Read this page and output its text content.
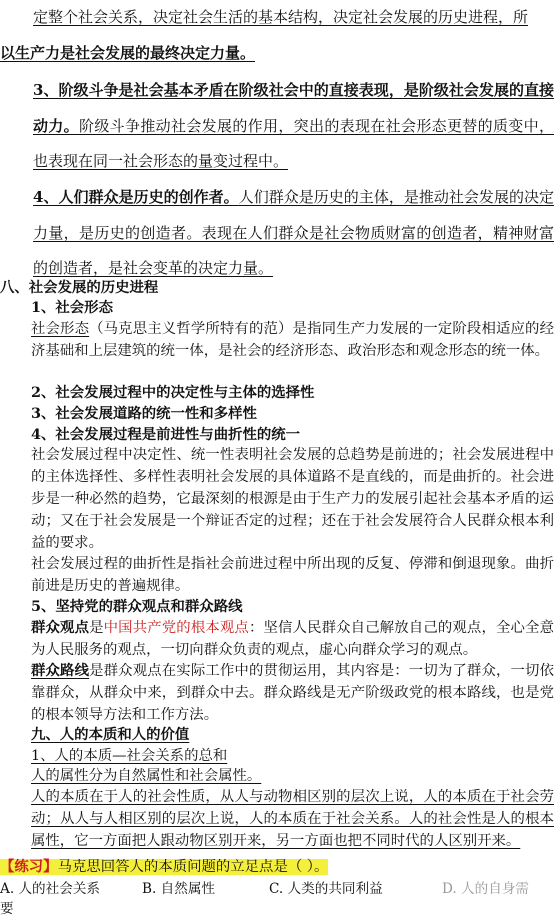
定整个社会关系，决定社会生活的基本结构，决定社会发展的历史进程，所

以生产力是社会发展的最终决定力量。

3、阶级斗争是社会基本矛盾在阶级社会中的直接表现，是阶级社会发展的直接动力。阶级斗争推动社会发展的作用，突出的表现在社会形态更替的质变中，也表现在同一社会形态的量变过程中。

4、人们群众是历史的创作者。人们群众是历史的主体，是推动社会发展的决定力量，是历史的创造者。表现在人们群众是社会物质财富的创造者，精神财富的创造者，是社会变革的决定力量。

八、社会发展的历史进程

1、社会形态

社会形态（马克思主义哲学所特有的范）是指同生产力发展的一定阶段相适应的经济基础和上层建筑的统一体，是社会的经济形态、政治形态和观念形态的统一体。

2、社会发展过程中的决定性与主体的选择性

3、社会发展道路的统一性和多样性

4、社会发展过程是前进性与曲折性的统一

社会发展过程中决定性、统一性表明社会发展的总趋势是前进的；社会发展进程中的主体选择性、多样性表明社会发展的具体道路不是直线的，而是曲折的。社会进步是一种必然的趋势，它最深刻的根源是由于生产力的发展引起社会基本矛盾的运动；又在于社会发展是一个辩证否定的过程；还在于社会发展符合人民群众根本利益的要求。

社会发展过程的曲折性是指社会前进过程中所出现的反复、停滞和倒退现象。曲折前进是历史的普遍规律。

5、坚持党的群众观点和群众路线

群众观点是中国共产党的根本观点：坚信人民群众自己解放自己的观点，全心全意为人民服务的观点，一切向群众负责的观点，虚心向群众学习的观点。

群众路线是群众观点在实际工作中的贯彻运用，其内容是：一切为了群众，一切依靠群众，从群众中来，到群众中去。群众路线是无产阶级政党的根本路线，也是党的根本领导方法和工作方法。

九、人的本质和人的价值

1、人的本质—社会关系的总和

人的属性分为自然属性和社会属性。

人的本质在于人的社会性质，从人与动物相区别的层次上说，人的本质在于社会劳动；从人与人相区别的层次上说，人的本质在于社会关系。人的社会性是人的根本属性，它一方面把人跟动物区别开来，另一方面也把不同时代的人区别开来。

【练习】马克思回答人的本质问题的立足点是（ ）。

A. 人的社会关系	B. 自然属性	C. 人类的共同利益	D. 人的自身需
要
